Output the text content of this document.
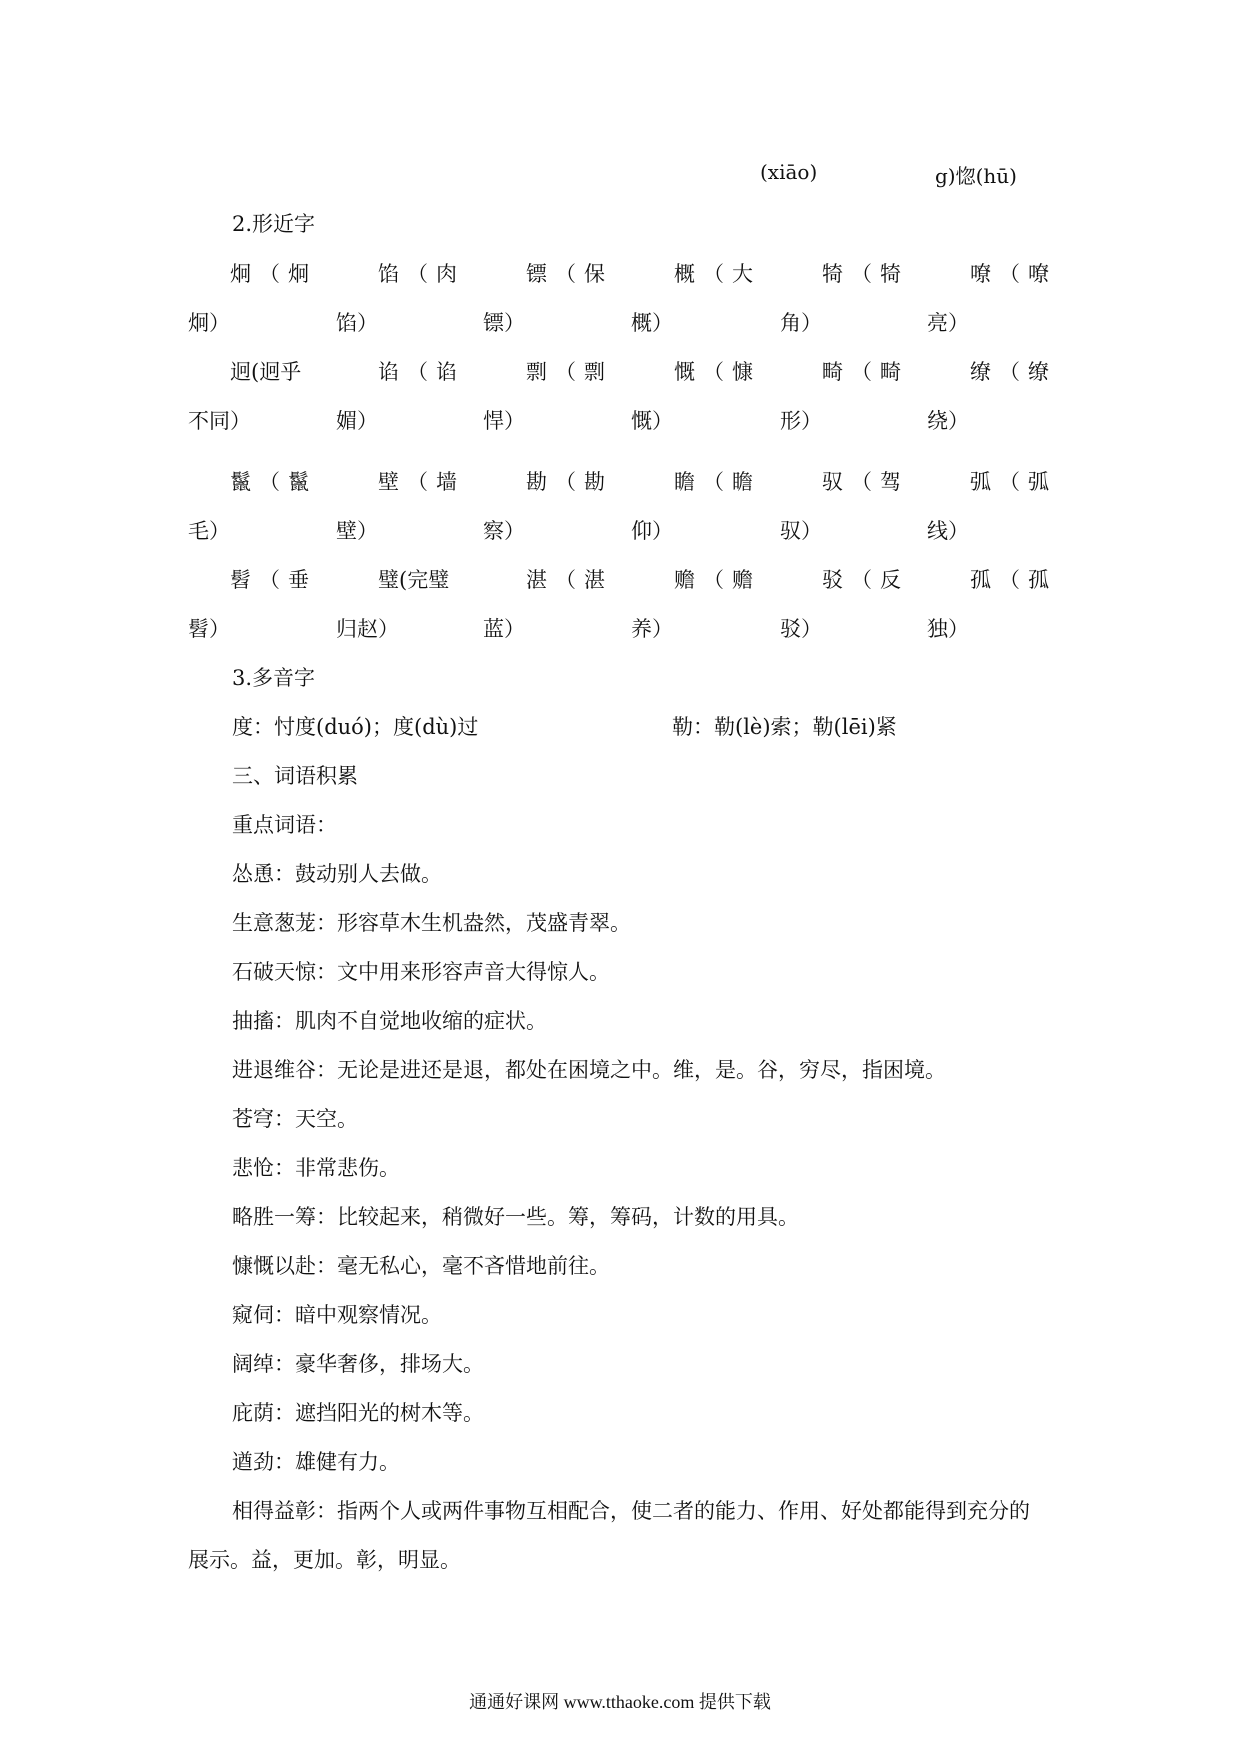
(xiāo)	g)惚(hū)
2.形近字
炯（炯	馅（肉	镖（保	概（大	犄（犄	嘹（嘹
炯）	馅）	镖）	概）	角）	亮）
迥(迥乎	谄（谄	剽（剽	慨（慷	畸（畸	缭（缭
不同）	媚）	悍）	慨）	形）	绕）
鬣（鬣	壁（墙	勘（勘	瞻（瞻	驭（驾	弧（弧
毛）	壁）	察）	仰）	驭）	线）
髫（垂	璧(完璧	湛（湛	赡（赡	驳（反	孤（孤
髫）	归赵）	蓝）	养）	驳）	独）
3.多音字
度：忖度(duó)；度(dù)过	勒：勒(lè)索；勒(lēi)紧
三、词语积累
重点词语：
怂恿：鼓动别人去做。
生意葱茏：形容草木生机盎然，茂盛青翠。
石破天惊：文中用来形容声音大得惊人。
抽搐：肌肉不自觉地收缩的症状。
进退维谷：无论是进还是退，都处在困境之中。维，是。谷，穷尽，指困境。
苍穹：天空。
悲怆：非常悲伤。
略胜一筹：比较起来，稍微好一些。筹，筹码，计数的用具。
慷慨以赴：毫无私心，毫不吝惜地前往。
窥伺：暗中观察情况。
阔绰：豪华奢侈，排场大。
庇荫：遮挡阳光的树木等。
遒劲：雄健有力。
相得益彰：指两个人或两件事物互相配合，使二者的能力、作用、好处都能得到充分的
展示。益，更加。彰，明显。
通通好课网 www.tthaoke.com 提供下载
